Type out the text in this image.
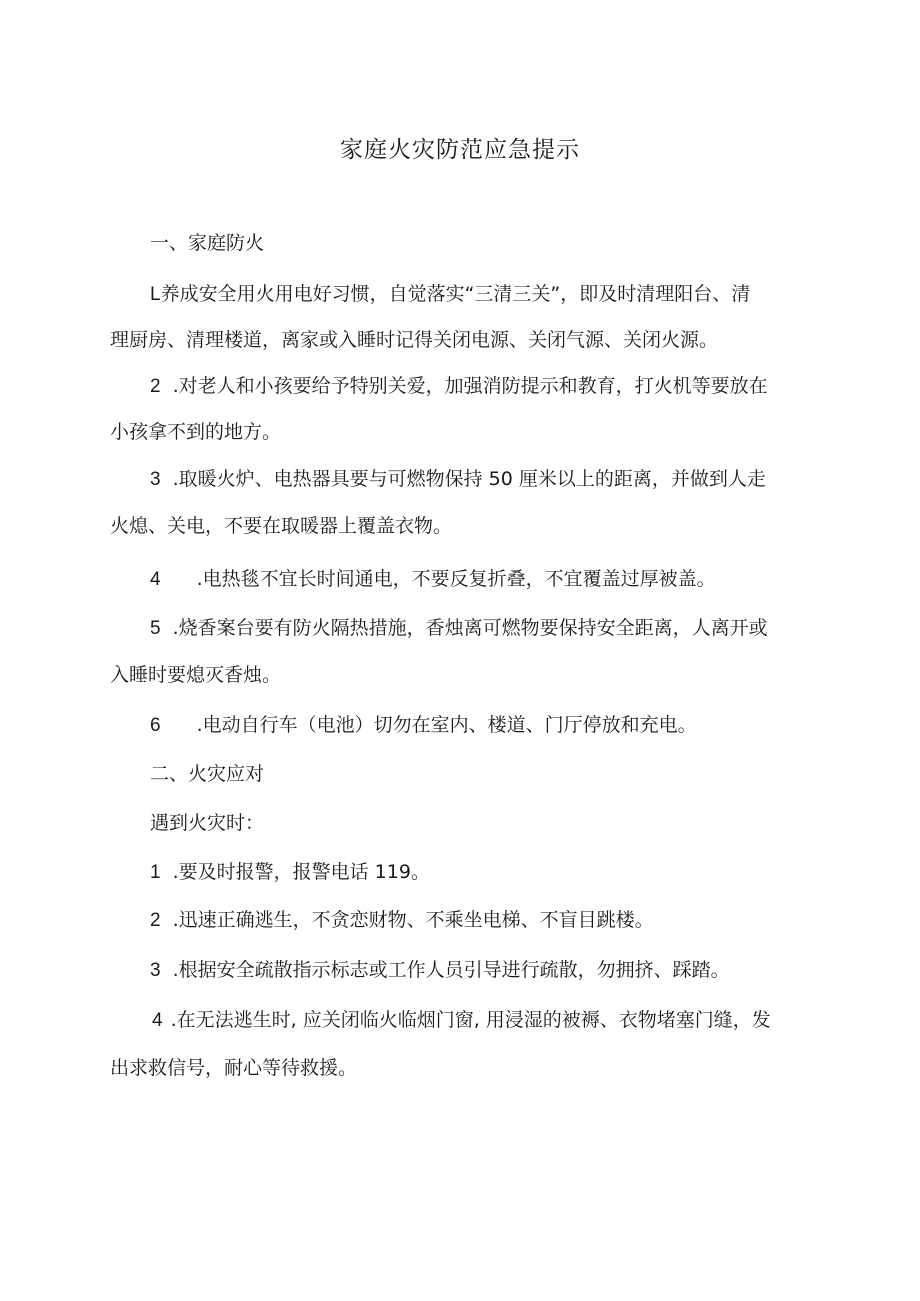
家庭火灾防范应急提示
一、家庭防火
L养成安全用火用电好习惯，自觉落实“三清三关”，即及时清理阳台、清
理厨房、清理楼道，离家或入睡时记得关闭电源、关闭气源、关闭火源。
2 .对老人和小孩要给予特别关爱，加强消防提示和教育，打火机等要放在
小孩拿不到的地方。
3 .取暖火炉、电热器具要与可燃物保持 50 厘米以上的距离，并做到人走
火熄、关电，不要在取暖器上覆盖衣物。
4 .电热毯不宜长时间通电，不要反复折叠，不宜覆盖过厚被盖。
5 .烧香案台要有防火隔热措施，香烛离可燃物要保持安全距离，人离开或
入睡时要熄灭香烛。
6 .电动自行车（电池）切勿在室内、楼道、门厅停放和充电。
二、火灾应对
遇到火灾时：
1 .要及时报警，报警电话 119。
2 .迅速正确逃生，不贪恋财物、不乘坐电梯、不盲目跳楼。
3 .根据安全疏散指示标志或工作人员引导进行疏散，勿拥挤、踩踏。
4 .在无法逃生时, 应关闭临火临烟门窗, 用浸湿的被褥、衣物堵塞门缝，发
出求救信号，耐心等待救援。
